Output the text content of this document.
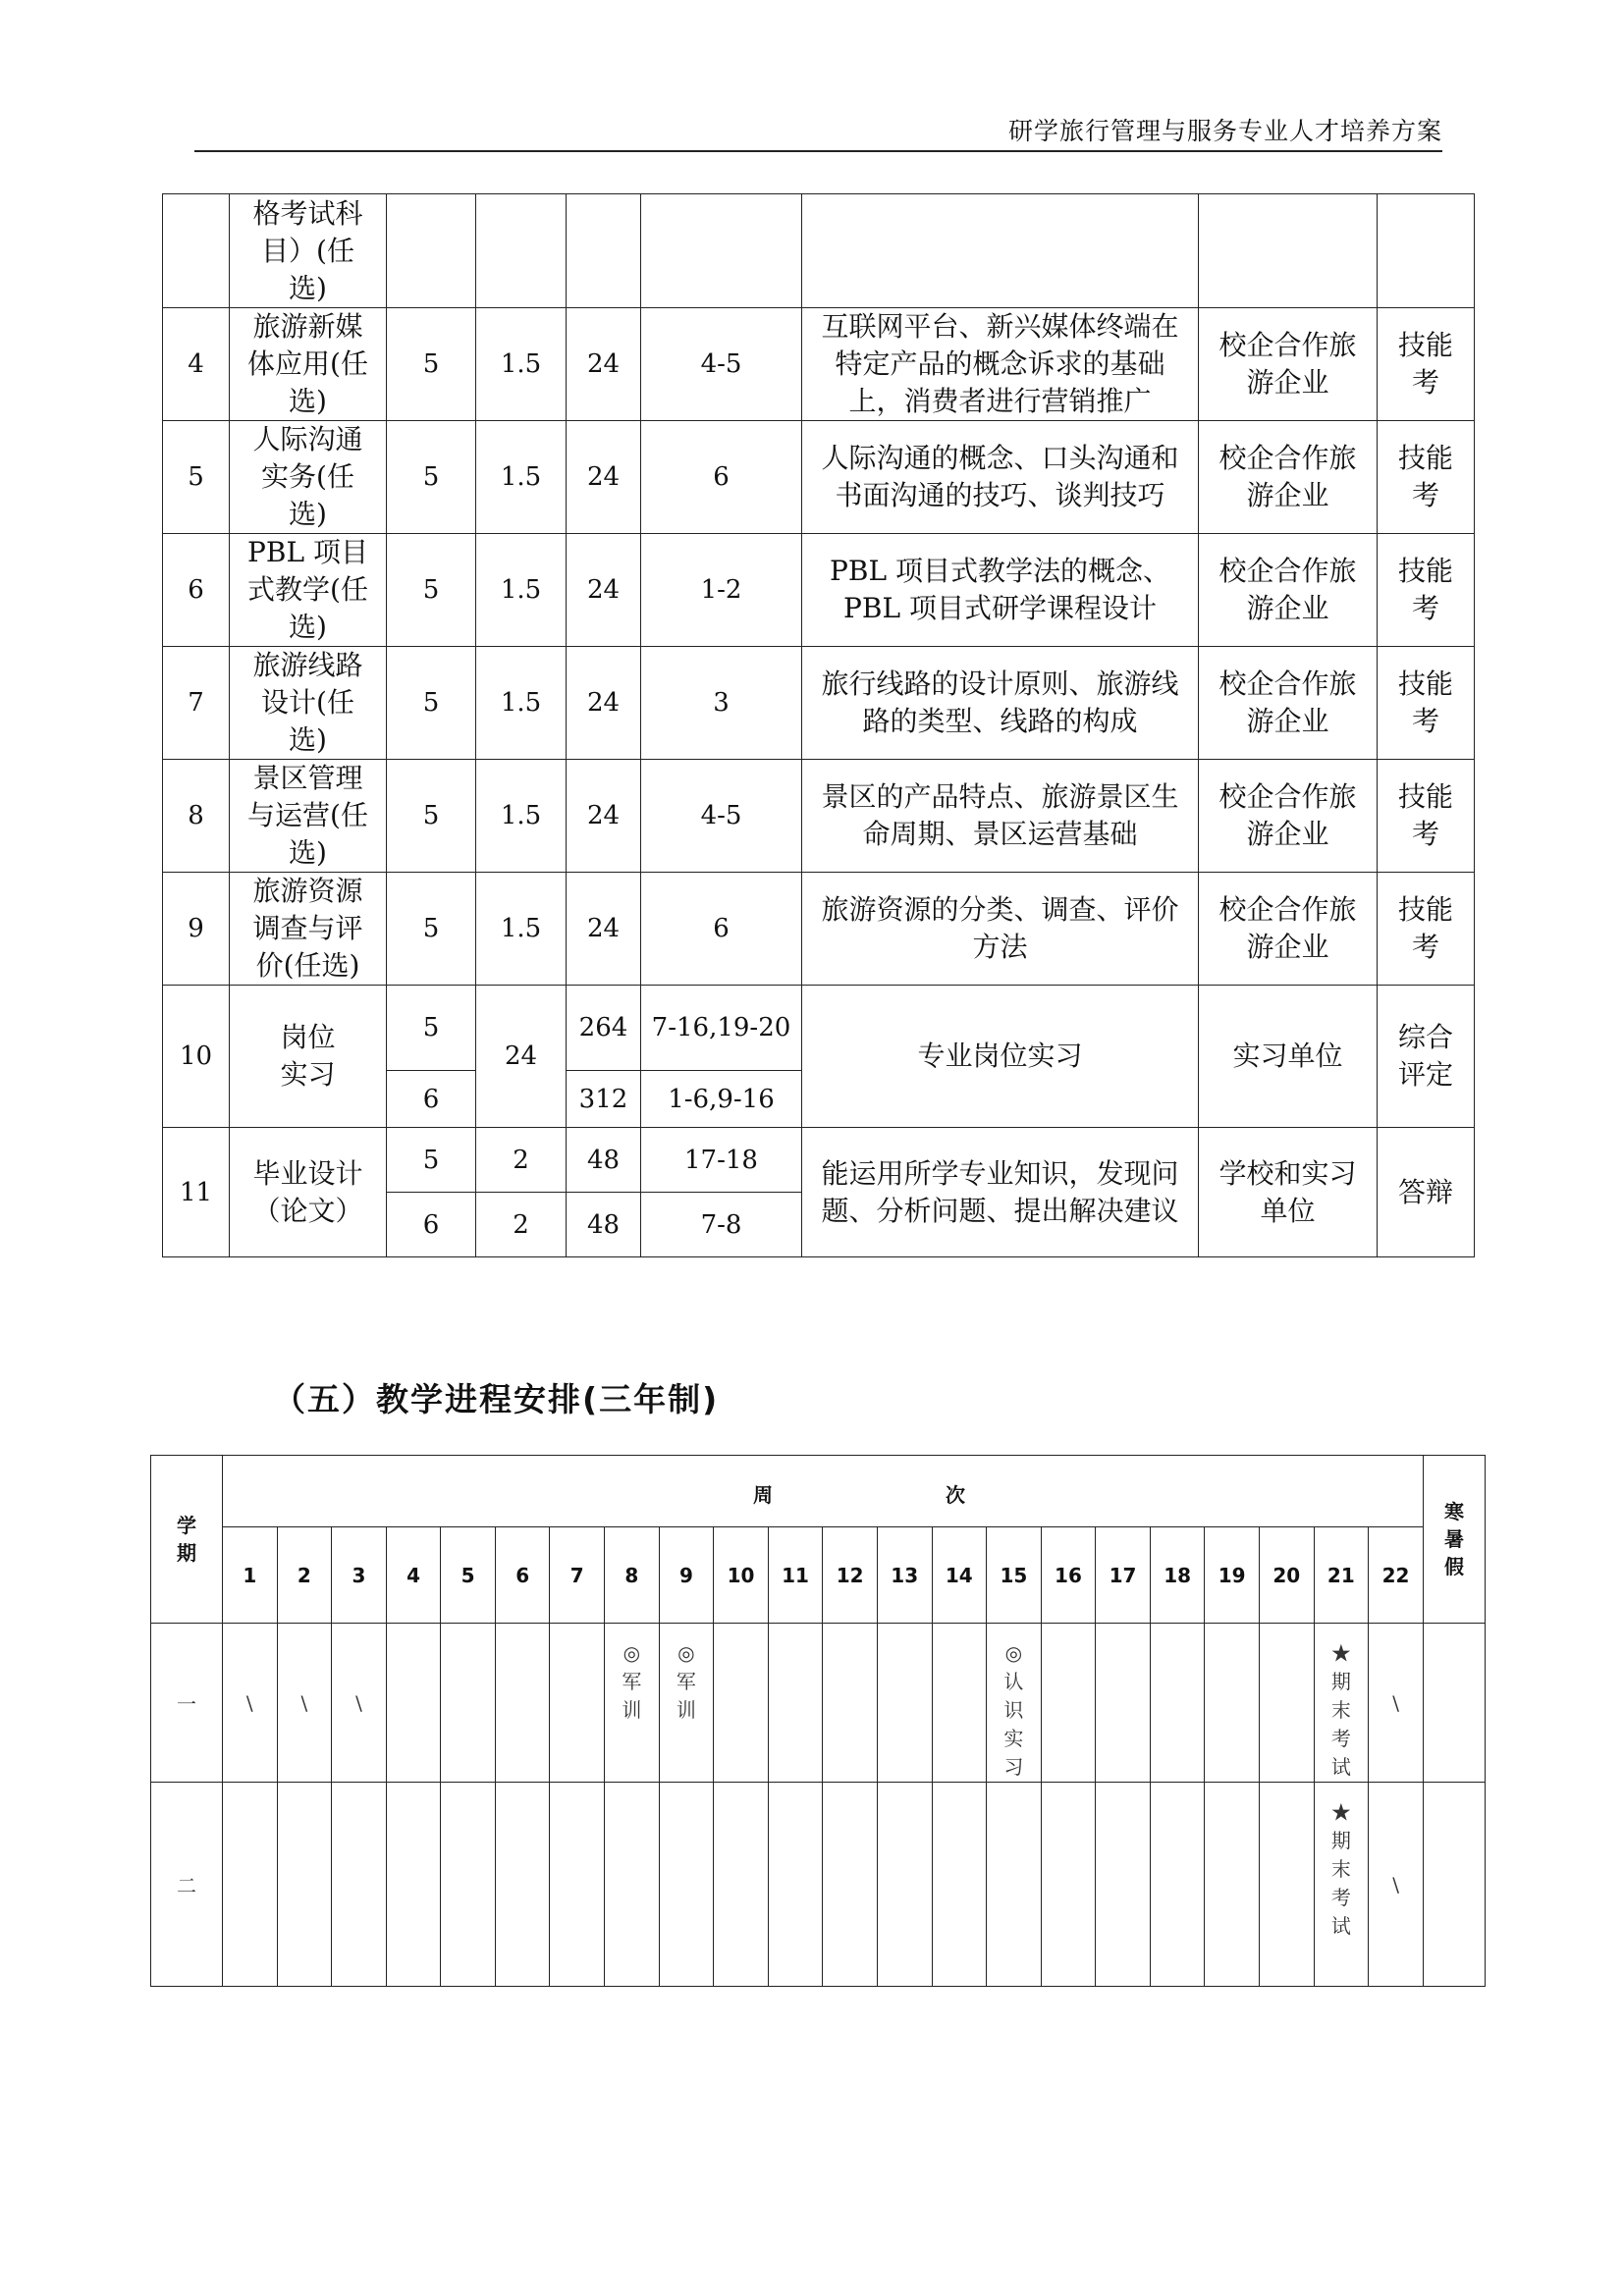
研学旅行管理与服务专业人才培养方案
	格考试科目）(任选)							
4	旅游新媒体应用(任选)	5	1.5	24	4-5	互联网平台、新兴媒体终端在特定产品的概念诉求的基础上，消费者进行营销推广	校企合作旅游企业	技能考
5	人际沟通实务(任选)	5	1.5	24	6	人际沟通的概念、口头沟通和书面沟通的技巧、谈判技巧	校企合作旅游企业	技能考
6	PBL 项目式教学(任选)	5	1.5	24	1-2	PBL 项目式教学法的概念、PBL 项目式研学课程设计	校企合作旅游企业	技能考
7	旅游线路设计(任选)	5	1.5	24	3	旅行线路的设计原则、旅游线路的类型、线路的构成	校企合作旅游企业	技能考
8	景区管理与运营(任选)	5	1.5	24	4-5	景区的产品特点、旅游景区生命周期、景区运营基础	校企合作旅游企业	技能考
9	旅游资源调查与评价(任选)	5	1.5	24	6	旅游资源的分类、调查、评价方法	校企合作旅游企业	技能考
10	岗位实习	5	24	264	7-16,19-20	专业岗位实习	实习单位	综合评定
		6		312	1-6,9-16			
11	毕业设计（论文）	5	2	48	17-18	能运用所学专业知识，发现问题、分析问题、提出解决建议	学校和实习单位	答辩
		6	2	48	7-8			
（五）教学进程安排(三年制)
学期	周 次																						寒暑假
	1	2	3	4	5	6	7	8	9	10	11	12	13	14	15	16	17	18	19	20	21	22	
一	\	\	\					◎军训	◎军训						◎认识实习						★期末考试	\	
二																					★期末考试	\	
